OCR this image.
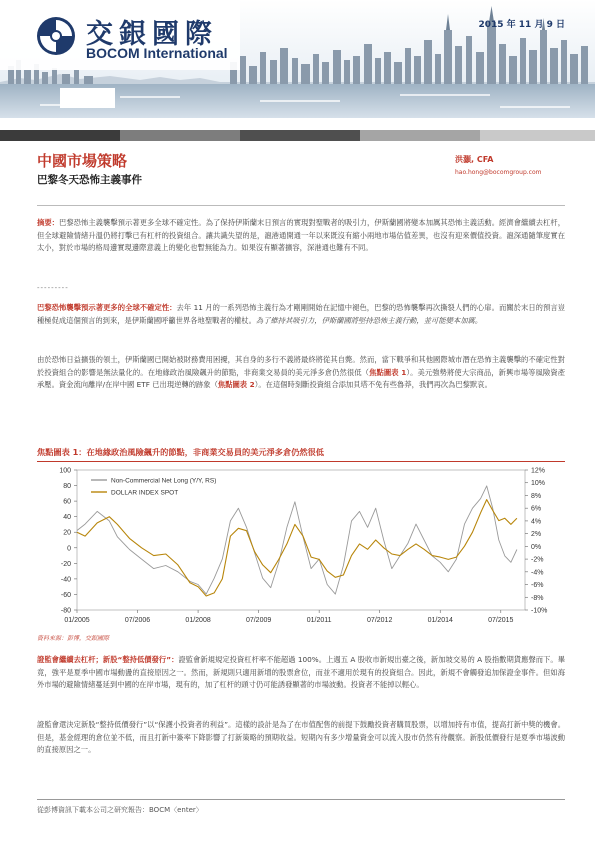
交銀國際
BOCOM International
2015 年 11 月 9 日
中國市場策略
巴黎冬天恐怖主義事件
洪灝, CFA
hao.hong@bocomgroup.com
摘要：巴黎恐怖主義襲擊預示著更多全球不確定性。為了保持伊斯蘭末日預言的實現對聖戰者的吸引力，伊斯蘭國將變本加厲其恐怖主義活動。經濟會繼續去杠杆，但全球避險情緒升溫仍將打擊已有杠杆的投資組合。讓共識失望的是，滬港通開通一年以來既沒有縮小兩地市場估值差異，也沒有迎來價值投資。滬深通隨筆度實在太小，對於市場的格局邊實現邊際意義上的變化也暫無能為力。如果沒有顯著擴容，深港通也難有不同。
---------
巴黎恐怖襲擊預示著更多的全球不確定性：去年 11 月的一系列恐怖主義行為才剛剛開始在記憶中褪色，巴黎的恐怖襲擊再次撕裂人們的心扉。而關於末日的預言豈種極促成這個預言的到來，是伊斯蘭國呼籲世界各地聖戰者的權杖。為了維持其吸引力，伊斯蘭國將堅持恐怖主義行動，並可能變本加厲。
由於恐怖日益擴張的領土，伊斯蘭國已開始被財務費用困擾，其自身的多行不義將最終將從其自斃。然而，當下戰爭和其他國際城市潛在恐怖主義襲擊的不確定性對於投資組合的影響是無法量化的。在地緣政治風險飆升的節點，非商業交易員的美元淨多倉仍然很低（焦點圖表 1）。美元強勢將使大宗商品，新興市場等風險資產承壓。資金流向離岸/在岸中國 ETF 已出現逆轉的跡象（焦點圖表 2）。在這個時刻斷投資組合添加貝塔不免有些魯莽，我們再次為巴黎默哀。
焦點圖表 1：在地緣政治風險飆升的節點，非商業交易員的美元淨多倉仍然很低
100
80
60
40
20
0
-20
-40
-60
-80
12%
10%
8%
6%
4%
2%
0%
-2%
-4%
-6%
-8%
-10%
01/2005	07/2006	01/2008	07/2009	01/2011	07/2012	01/2014	07/2015
Non-Commercial Net Long (Y/Y, RS)
DOLLAR INDEX SPOT
資料來源：彭博，交銀國際
證監會繼續去杠杆；新股“整持低價發行”：證監會新規規定投資杠杆率不能超過 100%。上週五 A 股收市新規出臺之後，新加坡交易的 A 股指數期貨應聲而下。畢竟，強平是夏季中國市場動盪的直接原因之一。然而，新規則只適用新增的股票倉位，而並不適用於現有的投資組合。因此，新規不會觸發追加保證金事件。但如海外市場的避險情緒蔓延到中國的在岸市場，現有的，加了杠杆的頭寸仍可能誘發顯著的市場波動。投資者不能掉以輕心。
證監會還決定新股“整持低價發行”以“保護小投資者的利益”。這樣的設計是為了在市值配售的前提下鼓勵投資者購買股票，以增加持有市值，提高打新中獎的機會。但是，基金經理的倉位並不低，而且打新中簽率下降影響了打新策略的預期收益。短期內有多少增量資金可以流入股市仍然有待觀察。新股低價發行是夏季市場波動的直接原因之一。
從彭博資訊下載本公司之研究報告：BOCM〈enter〉
